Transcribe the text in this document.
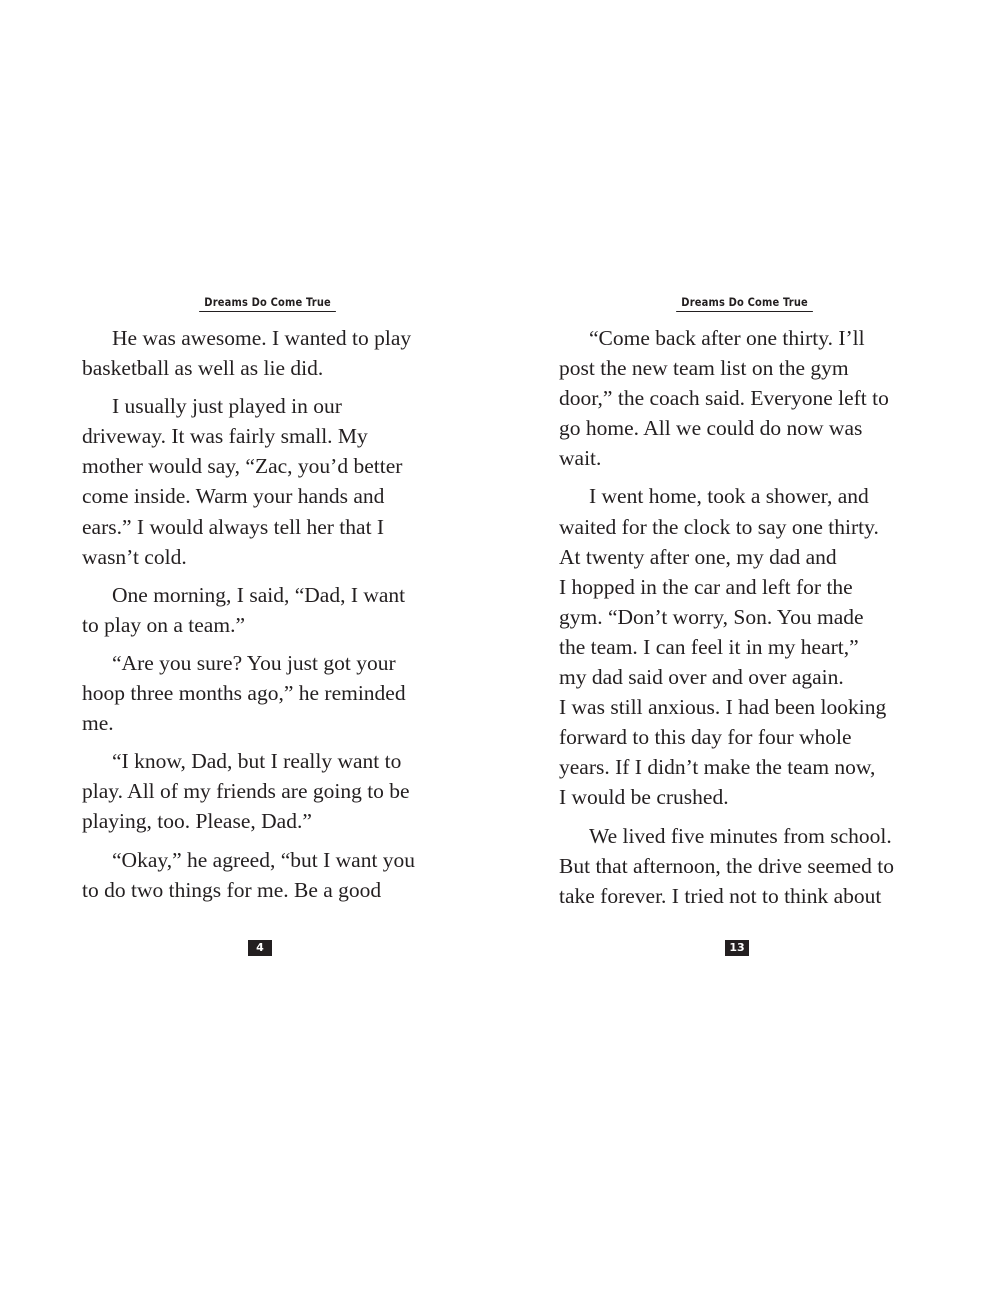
Dreams Do Come True

He was awesome. I wanted to play
basketball as well as lie did.

I usually just played in our
driveway. It was fairly small. My
mother would say, “Zac, you’d better
come inside. Warm your hands and
ears.” I would always tell her that I
wasn’t cold.

One morning, I said, “Dad, I want
to play on a team.”

“Are you sure? You just got your
hoop three months ago,” he reminded
me.

“I know, Dad, but I really want to
play. All of my friends are going to be
playing, too. Please, Dad.”

“Okay,” he agreed, “but I want you
to do two things for me. Be a good

4
Dreams Do Come True

“Come back after one thirty. I’ll
post the new team list on the gym
door,” the coach said. Everyone left to
go home. All we could do now was
wait.

I went home, took a shower, and
waited for the clock to say one thirty.
At twenty after one, my dad and
I hopped in the car and left for the
gym. “Don’t worry, Son. You made
the team. I can feel it in my heart,”
my dad said over and over again.
I was still anxious. I had been looking
forward to this day for four whole
years. If I didn’t make the team now,
I would be crushed.

We lived five minutes from school.
But that afternoon, the drive seemed to
take forever. I tried not to think about

13
